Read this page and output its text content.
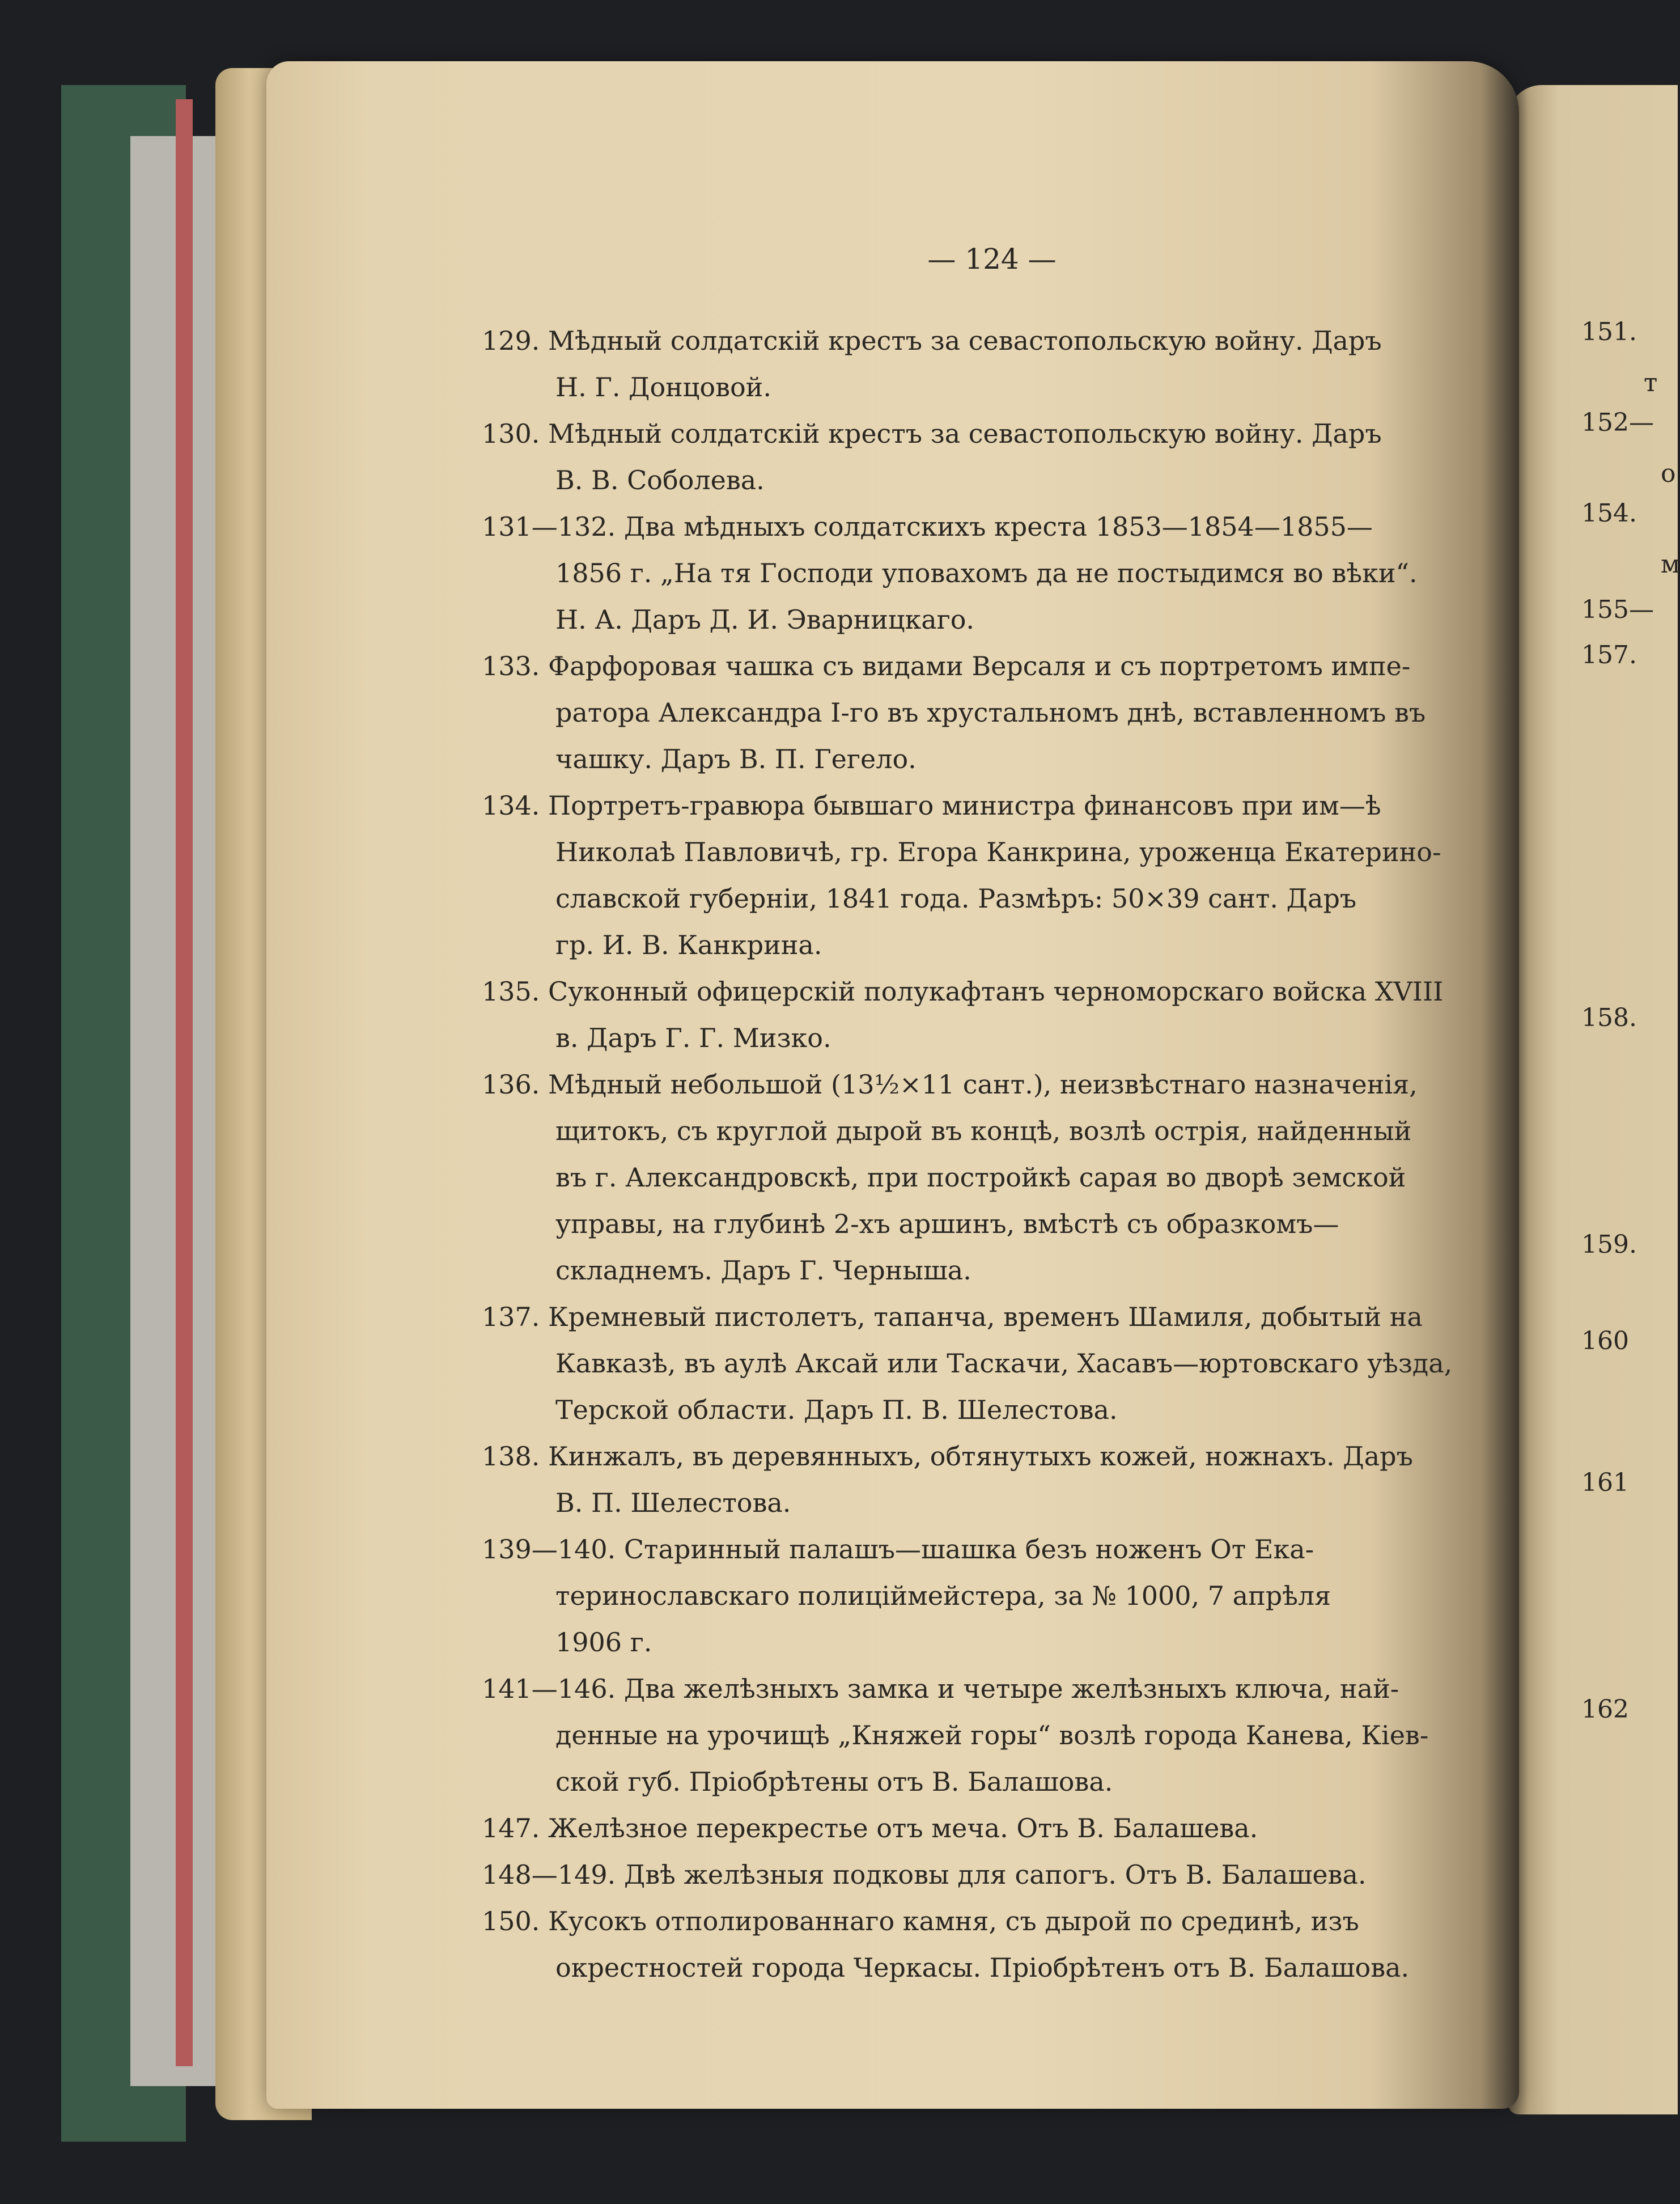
— 124 —
129. Мѣдный солдатскій крестъ за севастопольскую войну. Даръ
Н. Г. Донцовой.
130. Мѣдный солдатскій крестъ за севастопольскую войну. Даръ
В. В. Соболева.
131—132. Два мѣдныхъ солдатскихъ креста 1853—1854—1855—
1856 г. „На тя Господи уповахомъ да не постыдимся во вѣки“.
Н. А. Даръ Д. И. Эварницкаго.
133. Фарфоровая чашка съ видами Версаля и съ портретомъ импе-
ратора Александра I-го въ хрустальномъ днѣ, вставленномъ въ
чашку. Даръ В. П. Гегело.
134. Портретъ-гравюра бывшаго министра финансовъ при им—ѣ
Николаѣ Павловичѣ, гр. Егора Канкрина, уроженца Екатерино-
славской губерніи, 1841 года. Размѣръ: 50×39 сант. Даръ
гр. И. В. Канкрина.
135. Суконный офицерскій полукафтанъ черноморскаго войска XVIII
в. Даръ Г. Г. Мизко.
136. Мѣдный небольшой (13½×11 сант.), неизвѣстнаго назначенія,
щитокъ, съ круглой дырой въ концѣ, возлѣ острія, найденный
въ г. Александровскѣ, при постройкѣ сарая во дворѣ земской
управы, на глубинѣ 2-хъ аршинъ, вмѣстѣ съ образкомъ—
складнемъ. Даръ Г. Черныша.
137. Кремневый пистолетъ, тапанча, временъ Шамиля, добытый на
Кавказѣ, въ аулѣ Аксай или Таскачи, Хасавъ—юртовскаго уѣзда,
Терской области. Даръ П. В. Шелестова.
138. Кинжалъ, въ деревянныхъ, обтянутыхъ кожей, ножнахъ. Даръ
В. П. Шелестова.
139—140. Старинный палашъ—шашка безъ ноженъ От Ека-
теринославскаго полицiймейстера, за № 1000, 7 апрѣля
1906 г.
141—146. Два желѣзныхъ замка и четыре желѣзныхъ ключа, най-
денные на урочищѣ „Княжей горы“ возлѣ города Канева, Кiев-
ской губ. Прiобрѣтены отъ В. Балашова.
147. Желѣзное перекрестье отъ меча. Отъ В. Балашева.
148—149. Двѣ желѣзныя подковы для сапогъ. Отъ В. Балашева.
150. Кусокъ отполированнаго камня, съ дырой по срединѣ, изъ
окрестностей города Черкасы. Прiобрѣтенъ отъ В. Балашова.
151.
т
152—
о
154.
м
155—
157.
158.
159.
160
161
162
